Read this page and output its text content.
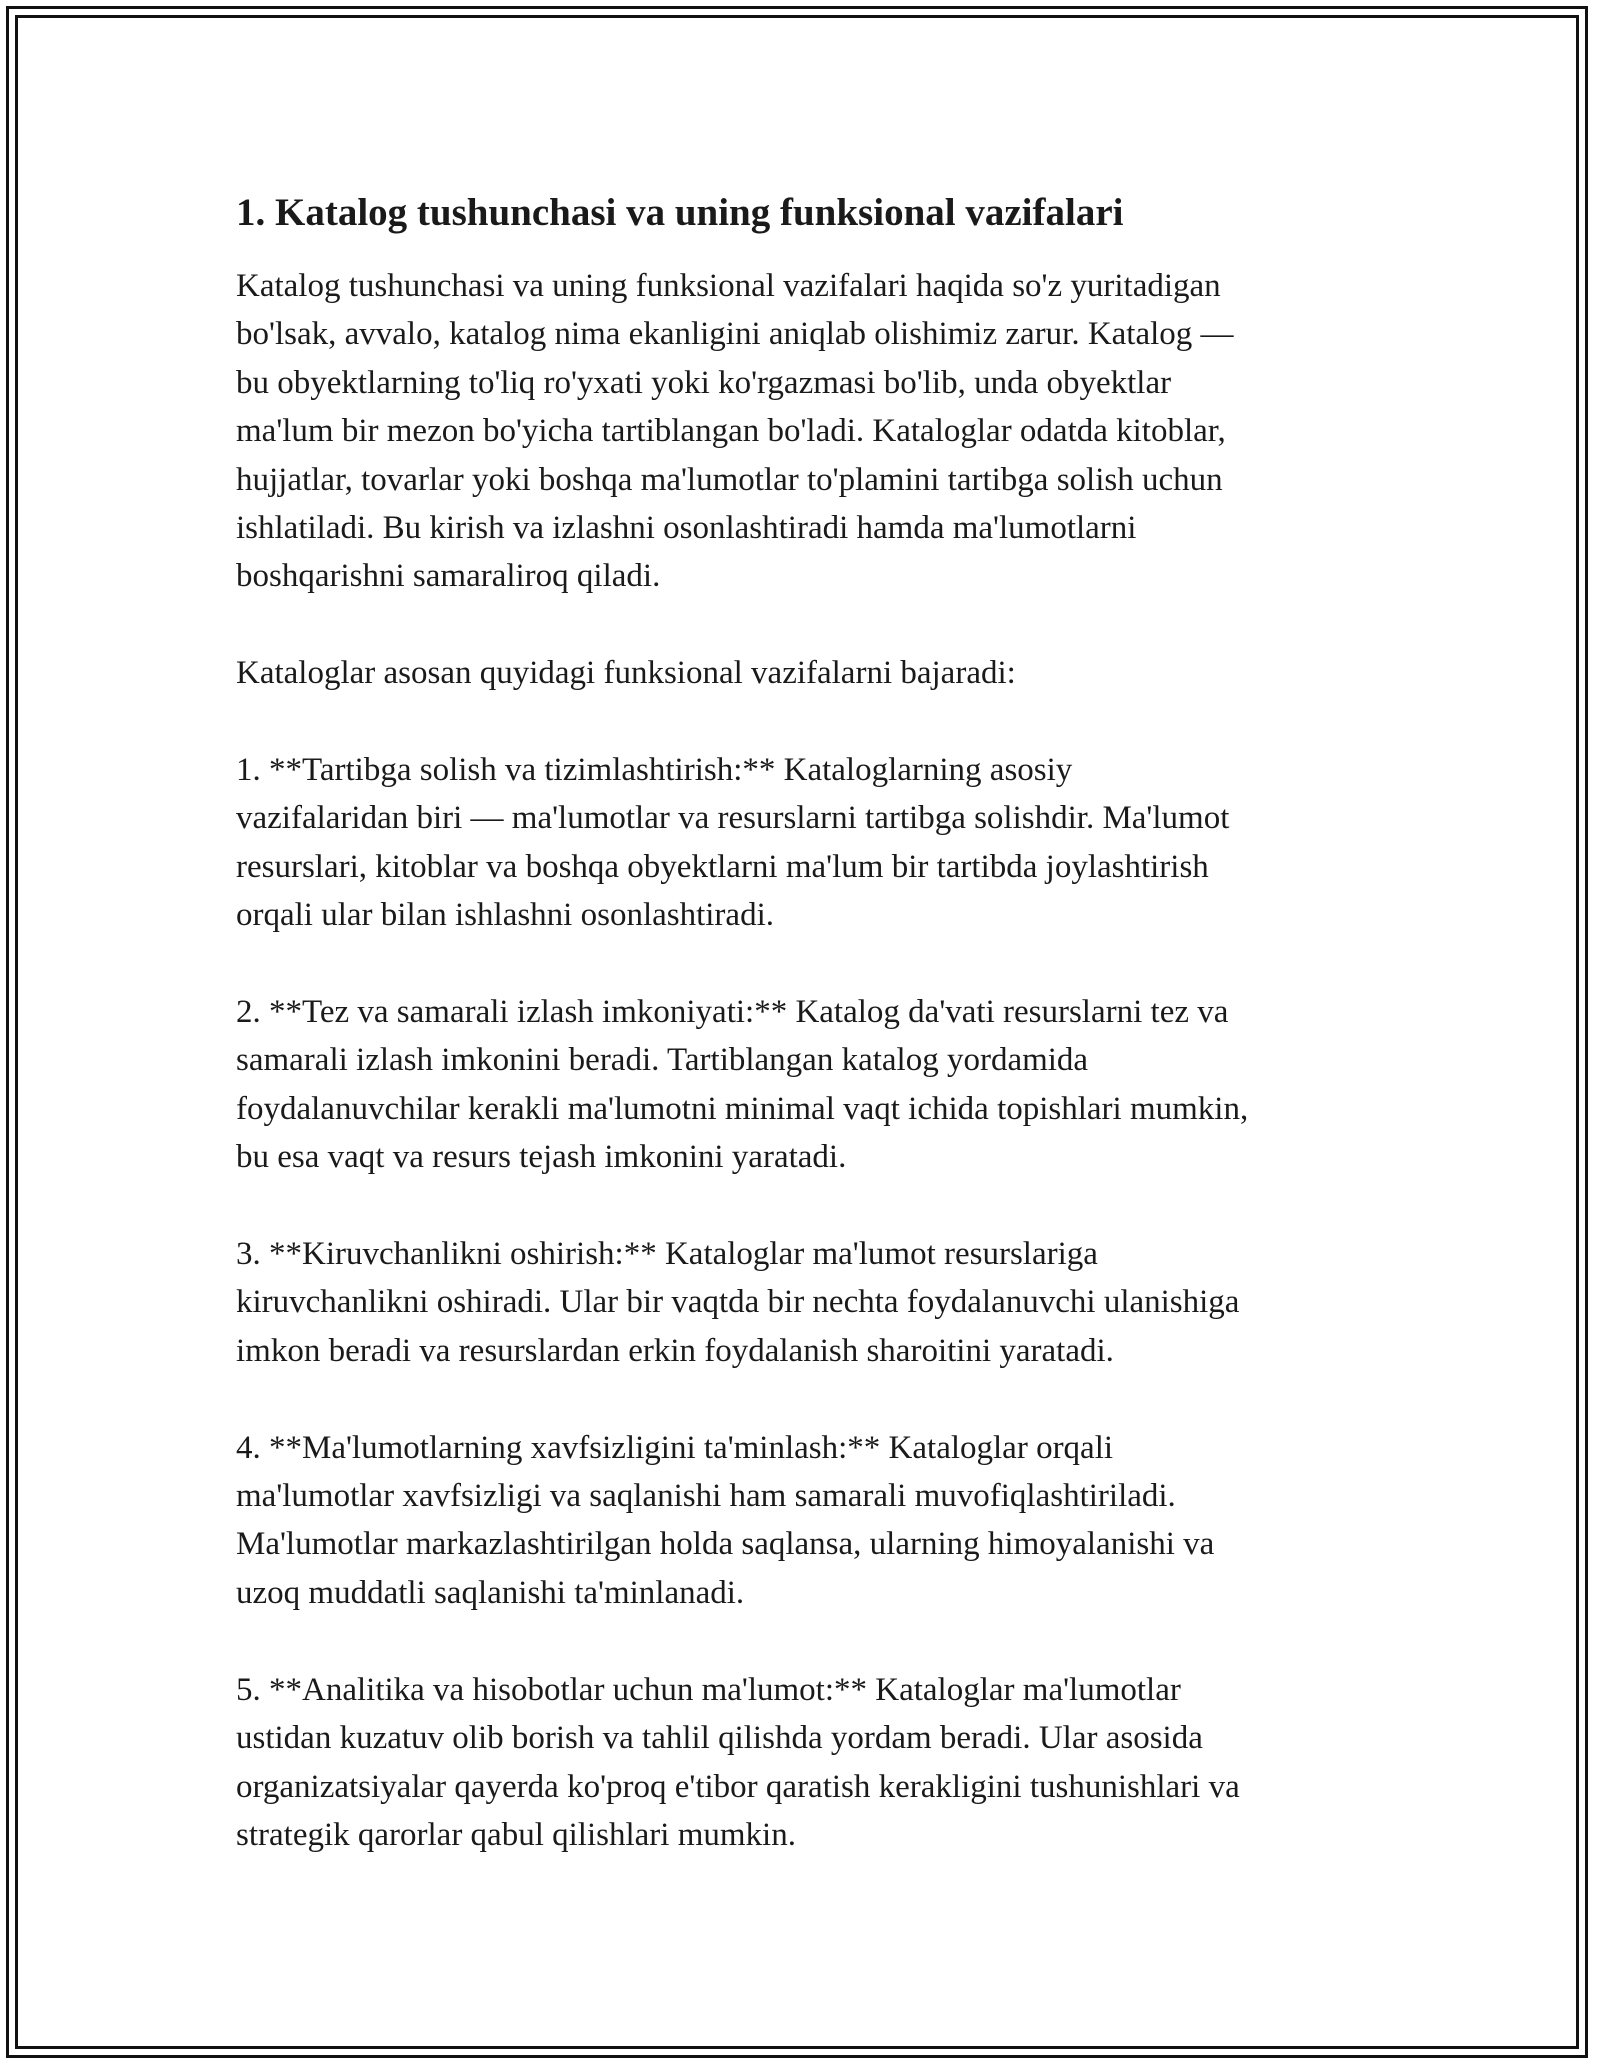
1. Katalog tushunchasi va uning funksional vazifalari
Katalog tushunchasi va uning funksional vazifalari haqida so'z yuritadigan
bo'lsak, avvalo, katalog nima ekanligini aniqlab olishimiz zarur. Katalog —
bu obyektlarning to'liq ro'yxati yoki ko'rgazmasi bo'lib, unda obyektlar
ma'lum bir mezon bo'yicha tartiblangan bo'ladi. Kataloglar odatda kitoblar,
hujjatlar, tovarlar yoki boshqa ma'lumotlar to'plamini tartibga solish uchun
ishlatiladi. Bu kirish va izlashni osonlashtiradi hamda ma'lumotlarni
boshqarishni samaraliroq qiladi.
Kataloglar asosan quyidagi funksional vazifalarni bajaradi:
1. **Tartibga solish va tizimlashtirish:** Kataloglarning asosiy
vazifalaridan biri — ma'lumotlar va resurslarni tartibga solishdir. Ma'lumot
resurslari, kitoblar va boshqa obyektlarni ma'lum bir tartibda joylashtirish
orqali ular bilan ishlashni osonlashtiradi.
2. **Tez va samarali izlash imkoniyati:** Katalog da'vati resurslarni tez va
samarali izlash imkonini beradi. Tartiblangan katalog yordamida
foydalanuvchilar kerakli ma'lumotni minimal vaqt ichida topishlari mumkin,
bu esa vaqt va resurs tejash imkonini yaratadi.
3. **Kiruvchanlikni oshirish:** Kataloglar ma'lumot resurslariga
kiruvchanlikni oshiradi. Ular bir vaqtda bir nechta foydalanuvchi ulanishiga
imkon beradi va resurslardan erkin foydalanish sharoitini yaratadi.
4. **Ma'lumotlarning xavfsizligini ta'minlash:** Kataloglar orqali
ma'lumotlar xavfsizligi va saqlanishi ham samarali muvofiqlashtiriladi.
Ma'lumotlar markazlashtirilgan holda saqlansa, ularning himoyalanishi va
uzoq muddatli saqlanishi ta'minlanadi.
5. **Analitika va hisobotlar uchun ma'lumot:** Kataloglar ma'lumotlar
ustidan kuzatuv olib borish va tahlil qilishda yordam beradi. Ular asosida
organizatsiyalar qayerda ko'proq e'tibor qaratish kerakligini tushunishlari va
strategik qarorlar qabul qilishlari mumkin.
